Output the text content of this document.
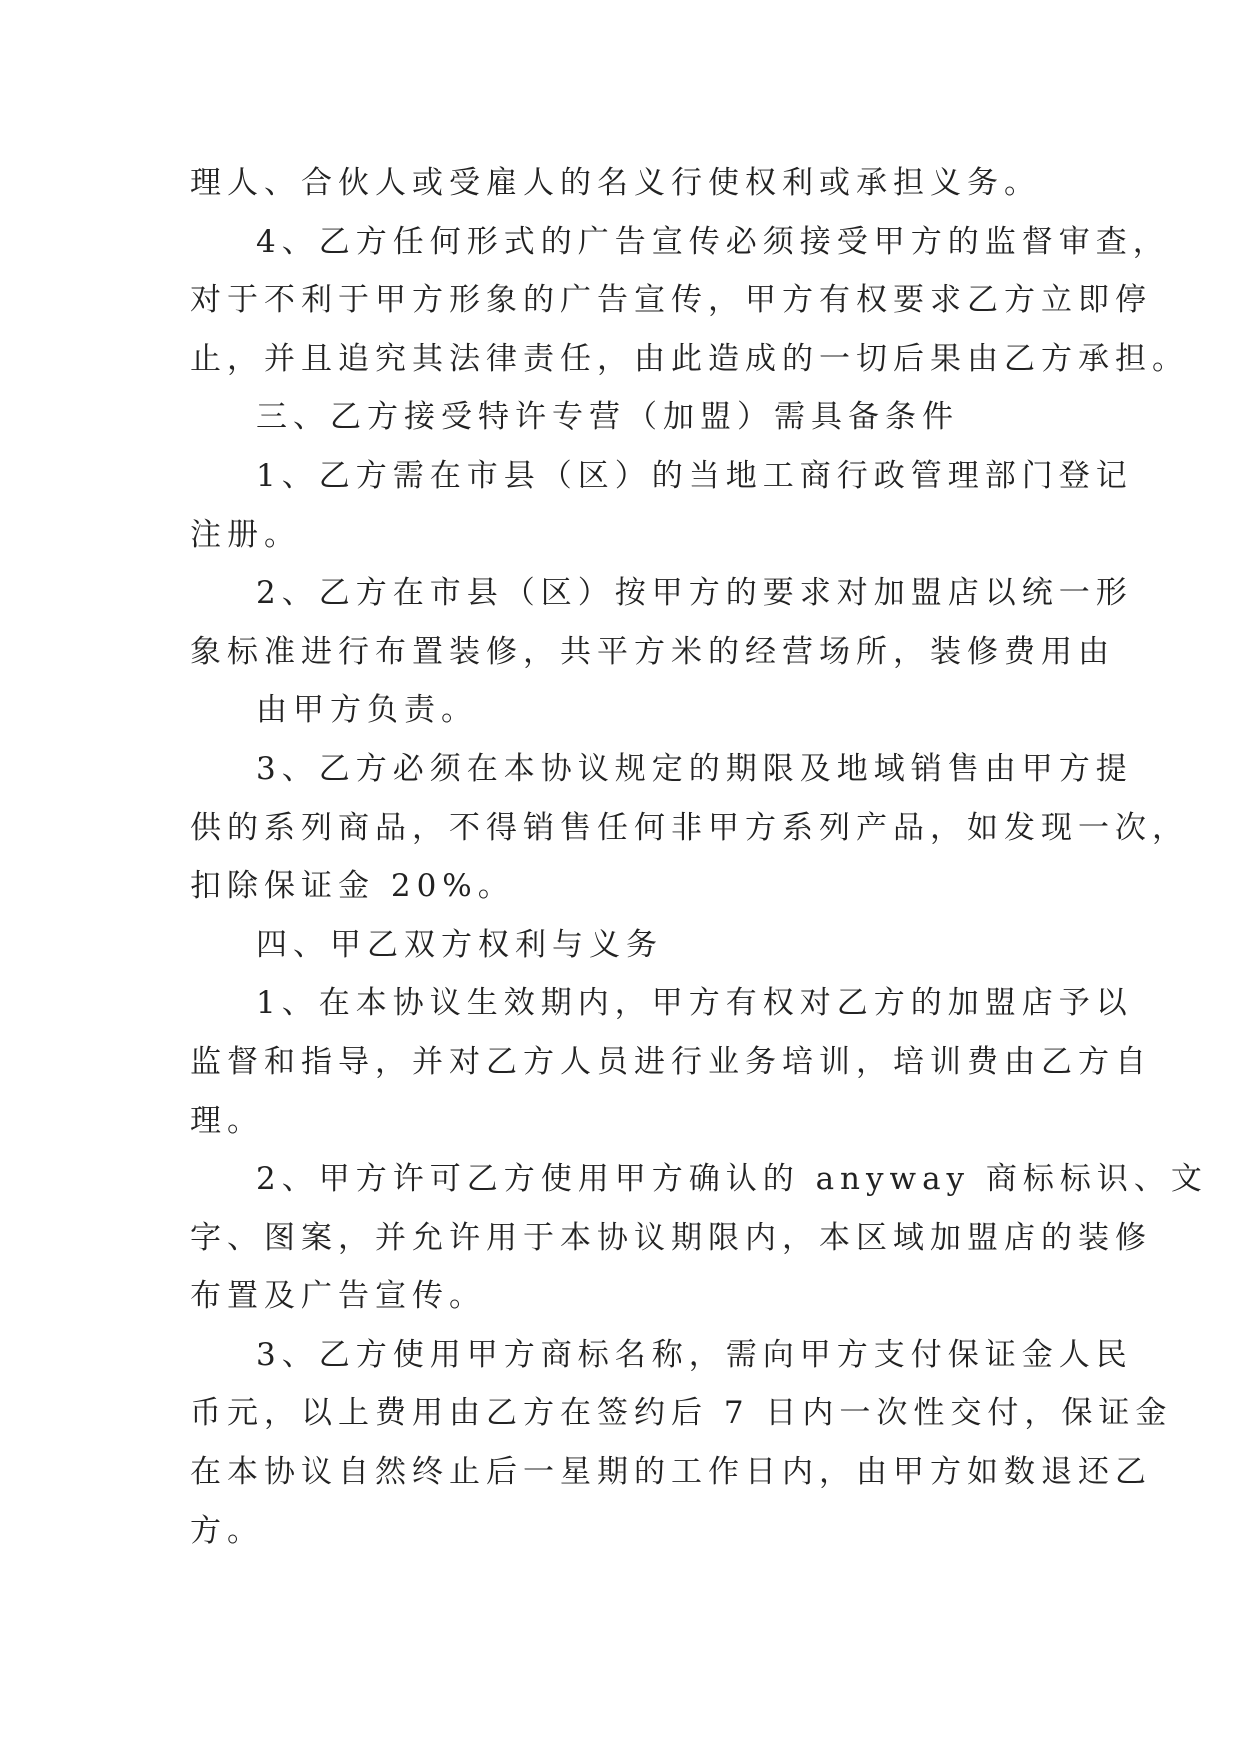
理人、合伙人或受雇人的名义行使权利或承担义务。
4、乙方任何形式的广告宣传必须接受甲方的监督审查，
对于不利于甲方形象的广告宣传，甲方有权要求乙方立即停
止，并且追究其法律责任，由此造成的一切后果由乙方承担。
三、乙方接受特许专营（加盟）需具备条件
1、乙方需在市县（区）的当地工商行政管理部门登记
注册。
2、乙方在市县（区）按甲方的要求对加盟店以统一形
象标准进行布置装修，共平方米的经营场所，装修费用由
由甲方负责。
3、乙方必须在本协议规定的期限及地域销售由甲方提
供的系列商品，不得销售任何非甲方系列产品，如发现一次，
扣除保证金 20%。
四、甲乙双方权利与义务
1、在本协议生效期内，甲方有权对乙方的加盟店予以
监督和指导，并对乙方人员进行业务培训，培训费由乙方自
理。
2、甲方许可乙方使用甲方确认的 anyway 商标标识、文
字、图案，并允许用于本协议期限内，本区域加盟店的装修
布置及广告宣传。
3、乙方使用甲方商标名称，需向甲方支付保证金人民
币元，以上费用由乙方在签约后 7 日内一次性交付，保证金
在本协议自然终止后一星期的工作日内，由甲方如数退还乙
方。
